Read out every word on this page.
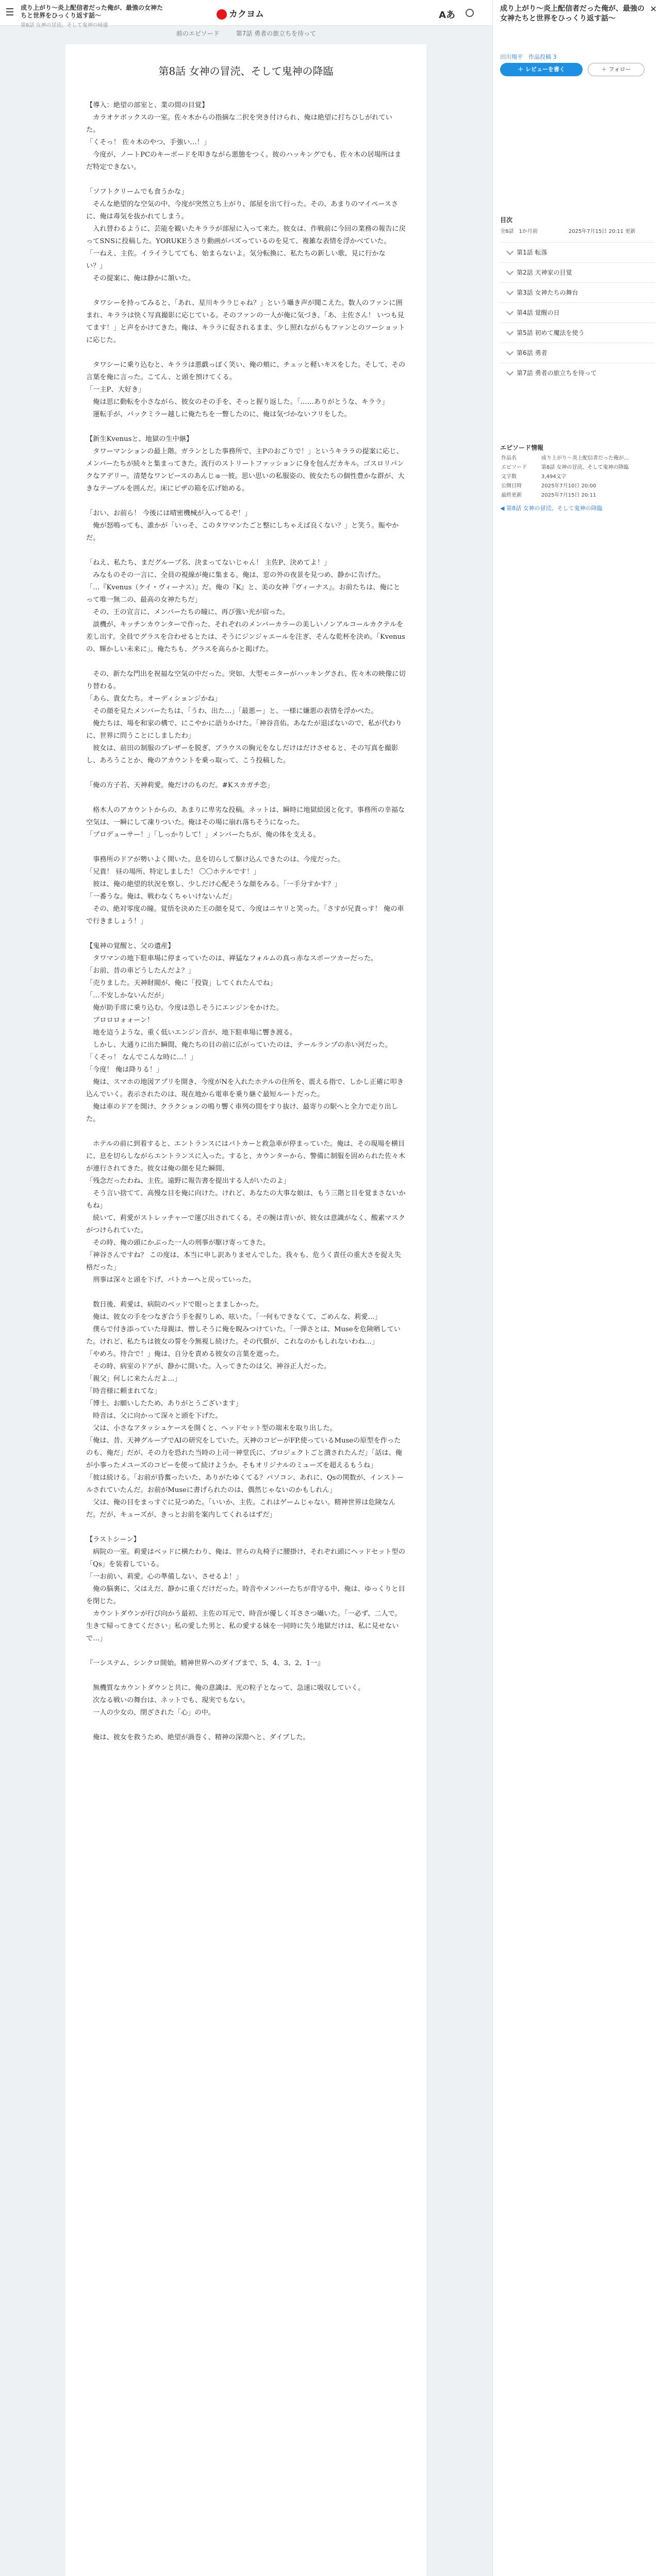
成り上がり〜炎上配信者だった俺が、最強の女神たちと世界をひっくり返す話〜
第8話 女神の冒涜、そして鬼神の帰還
カクヨム	Aあ
前のエピソード	第7話 勇者の旅立ちを待って
第8話 女神の冒涜、そして鬼神の降臨
【導入：絶望の部室と、業の間の目覚】
　カラオケボックスの一室。佐々木からの指摘な二択を突き付けられ、俺は絶望に打ちひしがれていた。
「くそっ！ 佐々木のやつ、手強い…！」
　今度が、ノートPCのキーボードを叩きながら悪態をつく。彼のハッキングでも、佐々木の居場所はまだ特定できない。
「ソフトクリームでも食うかな」
　そんな絶望的な空気の中、今度が突然立ち上がり、部屋を出て行った。その、あまりのマイペースさに、俺は毒気を抜かれてしまう。
　入れ替わるように、芸能を観いたキララが部屋に入って来た。彼女は、作戦前に今回の業務の報告に戻ってSNSに投稿した。YORUKEうさり動画がバズっているのを見て、複雑な表情を浮かべていた。
「一ねえ、主佐。イライラしてても、始まらないよ。気分転換に、私たちの新しい歌、見に行かない？」
　その提案に、俺は静かに頷いた。
　タワシーを持ってみると、「あれ、星川キララじゃね？」という囁き声が聞こえた。数人のファンに囲まれ、キララは快く写真撮影に応じている。そのファンの一人が俺に気づき、「あ、主佐さん！ いつも見てます！」と声をかけてきた。俺は、キララに促されるまま、少し照れながらもファンとのツーショットに応じた。
　タワシーに乗り込むと、キララは悪戯っぽく笑い、俺の頬に、チュッと軽いキスをした。そして、その言葉を俺に言った。こてん、と頭を預けてくる。
「一主P、大好き」
　俺は思に動転を小さながら、彼女のその手を、そっと握り返した。「……ありがとうな、キララ」
　運転手が、バックミラー越しに俺たちを一瞥したのに、俺は気づかないフリをした。
【新生Kvenusと、地獄の生中継】
　タワーマンションの最上階。ガランとした事務所で、主Pのおごりで！」というキララの提案に応じ、メンバーたちが続々と集まってきた。流行のストリートファッションに身を包んだカキル。ゴスロリパンクなアデリー。清楚なワンピースのあんじゅ一彼。思い思いの私服姿の、彼女たちの個性豊かな群が、大きなテーブルを囲んだ。床にピザの箱を広げ始める。
「おい、お前ら！ 今後には晴密機械が入ってるぞ！」
　俺が怒鳴っても、誰かが「いっそ、このタワマンたごと整にしちゃえば良くない？」と笑う。賑やかだ。
「ねえ、私たち、まだグループ名、決まってないじゃん！ 主佐P、決めてよ！」
　みなものその一言に、全員の視線が俺に集まる。俺は、窓の外の夜景を見つめ、静かに告げた。
「…『Kvenus（ケイ・ヴィーナス）』だ。俺の『K』と、美の女神『ヴィーナス』。お前たちは、俺にとって唯一無二の、最高の女神たちだ」
　その、王の宣言に、メンバーたちの瞳に、再び強い光が宿った。
　談機が、キッチンカウンターで作った、それぞれのメンバーカラーの美しいノンアルコールカクテルを差し出す。全員でグラスを合わせるとたは、そうにジンジャエールを注ぎ、そんな乾杯を決め。「Kvenusの、輝かしい未来に」。俺たちも、グラスを高らかと掲げた。
　その、新たな門出を祝福な空気の中だった。突如、大型モニターがハッキングされ、佐々木の映像に切り替わる。
「あら、貴女たち。オーディションジかね」
　その顔を見たメンバーたちは、「うわ、出た…」「最悪ー」と、一様に嫌悪の表情を浮かべた。
　俺たちは、場を和家の構で、にこやかに語りかけた。「神谷音佑。あなたが退ばないので、私が代わりに、世界に問うことにしましたわ」
　彼女は、前田の制服のブレザーを脱ぎ、ブラウスの胸元をなしだけはだけさせると、その写真を撮影し、あろうことか、俺のアカウントを乗っ取って、こう投稿した。
「俺の方子若、天神莉愛。俺だけのものだ。#Kスカガチ恋」
　格木人のアカウントからの、あまりに卑劣な投稿。ネットは、瞬時に地獄絵図と化す。事務所の幸福な空気は、一瞬にして凍りついた。俺はその場に崩れ落ちそうになった。
「プロデューサー！」「しっかりして！」メンバーたちが、俺の体を支える。
　事務所のドアが勢いよく開いた。息を切らして駆け込んできたのは、今度だった。
「兄貴！ 昼の場所、特定しました！ 〇〇ホテルです！」
　彼は、俺の絶望的状況を察し、少しだけ心配そうな顔をみる。「一手分すかす？」
「一番うな。俺は、戦わなくちゃいけないんだ」
　その、絶対零度の瞳。覚悟を決めた王の顔を見て、今度はニヤリと笑った。「さすが兄貴っす！ 俺の車で行きましょう！」
【鬼神の覚醒と、父の遺産】
　タワマンの地下駐車場に停まっていたのは、禅猛なフォルムの真っ赤なスポーツカーだった。
「お前、昔の車どうしたんだよ？」
「売りました。天神財閥が、俺に「投資」してくれたんでね」
「…不安しかないんだが」
　俺が助手席に乗り込む。今度は恐しそうにエンジンをかけた。
　ブロロロォォーン！
　地を這うような、重く低いエンジン音が、地下駐車場に響き渡る。
　しかし、大通りに出た瞬間、俺たちの目の前に広がっていたのは、テールランプの赤い河だった。
「くそっ！ なんでこんな時に…！」
「今度！ 俺は降りる！」
　俺は、スマホの地図アプリを開き、今度がNを入れたホテルの住所を、震える指で、しかし正確に叩き込んでいく。表示されたのは、現在地から電車を乗り継ぐ最短ルートだった。
　俺は車のドアを開け、クラクションの鳴り響く車列の間をすり抜け、最寄りの駅へと全力で走り出した。
　ホテルの前に到着すると、エントランスにはパトカーと救急車が停まっていた。俺は、その現場を横目に、息を切らしながらエントランスに入った。すると、カウンターから、警備に制服を固められた佐々木が連行されてきた。彼女は俺の顔を見た瞬間、
「残念だったわね、主佐。遠野に報告書を提出する人がいたのよ」
　そう言い捨てて、高慢な目を俺に向けた。けれど、あなたの大事な娘は、もう三階と目を覚まさないかもね」
　続いて、莉愛がストレッチャーで運び出されてくる。その腕は青いが、彼女は意識がなく、酸素マスクがつけられていた。
　その時、俺の頭にかぶった一人の刑事が駆け寄ってきた。
「神谷さんですね？ この度は、本当に申し訳ありませんでした。我々も、危うく責任の重大さを捉え失格だった」
　刑事は深々と頭を下げ、パトカーへと戻っていった。
　数日後、莉愛は、病院のベッドで眼っとまましかった。
　俺は、彼女の手をつなぎ合う手を握りしめ、呟いた。「一何もできなくて、ごめんな、莉愛…」
　僕らで付き添っていた母親は、憎しそうに俺を睨みつけていた。「一弾さとは、Museを危険晒していた。けれど、私たちは彼女の誓を今無視し続けた。その代償が、これなのかもしれないわね…」
「やめろ。待合で！」俺は、自分を責める彼女の言葉を遮った。
　その時、病室のドアが、静かに開いた。入ってきたのは父、神谷正人だった。
「親父」何しに来たんだよ…」
「時音様に頼まれてな」
「博士、お願いしたため、ありがとうございます」
　時音は、父に向かって深々と頭を下げた。
　父は、小さなアタッシュケースを開くと、ヘッドセット型の端末を取り出した。
「俺は、昔、天神グループでAIの研究をしていた。天神のコピーがFP.使っているMuseの原型を作ったのも、俺だ」だが、その力を恐れた当時の上司一神堂氏に、プロジェクトごと潰されたんだ」「話は、俺が小事ったメユーズのコピーを使って続けようか。そもオリジナルのミューズを超えるもうね」
「彼は続ける。「お前が昏奮ったいた、ありがたゆくてる？パソコン、あれに、Qsの関数が、インストールされていたんだ。お前がMuseに書げられたのは、偶然じゃないのかもしれん」
　父は、俺の目をまっすぐに見つめた。「いいか、主佐。これはゲームじゃない。精神世界は危険なんだ。だが、キューズが、きっとお前を案内してくれるはずだ」
【ラストシーン】
　病院の一室。莉愛はベッドに横たわり、俺は、世らの丸椅子に腰掛け、それぞれ頭にヘッドセット型の「Qs」を装着している。
「一お前い、莉愛。心の準備しない、させるよ！」
　俺の脳裏に、父はえだ、静かに重くだけだった。時音やメンバーたちが背守る中、俺は、ゆっくりと目を閉じた。
　カウントダウンが行び向かう最初、主佐の耳元で、時音が優しく耳ささつ囁いた。「一必ず、二人で。生きて帰ってきてください」私の愛した男と、私の愛する妹を一同時に失う地獄だけは、私に見せないで…」
『一システム、シンクロ開始。精神世界へのダイブまで、5、4、3、2、1一』
　無機質なカウントダウンと共に、俺の意識は、光の粒子となって、急速に吸収していく。
　次なる戦いの舞台は、ネットでも、現実でもない。
　一人の少女の、閉ざされた「心」の中。
　俺は、彼女を救うため、絶望が渦巻く、精神の深淵へと、ダイブした。

成り上がり〜炎上配信者だった俺が、最強の女神たちと世界をひっくり返す話〜
✕
田川翔平　 作品投稿 3
＋ レビューを書く	＋ フォロー
目次
全8話 1か月前	2025年7月15日 20:11 更新
第1話 転落
第2話 天神家の目覚
第3話 女神たちの舞台
第4話 覚醒の日
第5話 初めて魔法を使う
第6話 勇者
第7話 勇者の旅立ちを待って
エピソード情報
作品名	成り上がり〜炎上配信者だった俺が…
エピソード	第8話 女神の冒涜、そして鬼神の降臨
文字数	3,494文字
公開日時	2025年7月10日 20:00
最終更新	2025年7月15日 20:11
◀ 第8話 女神の冒涜、そして鬼神の降臨
